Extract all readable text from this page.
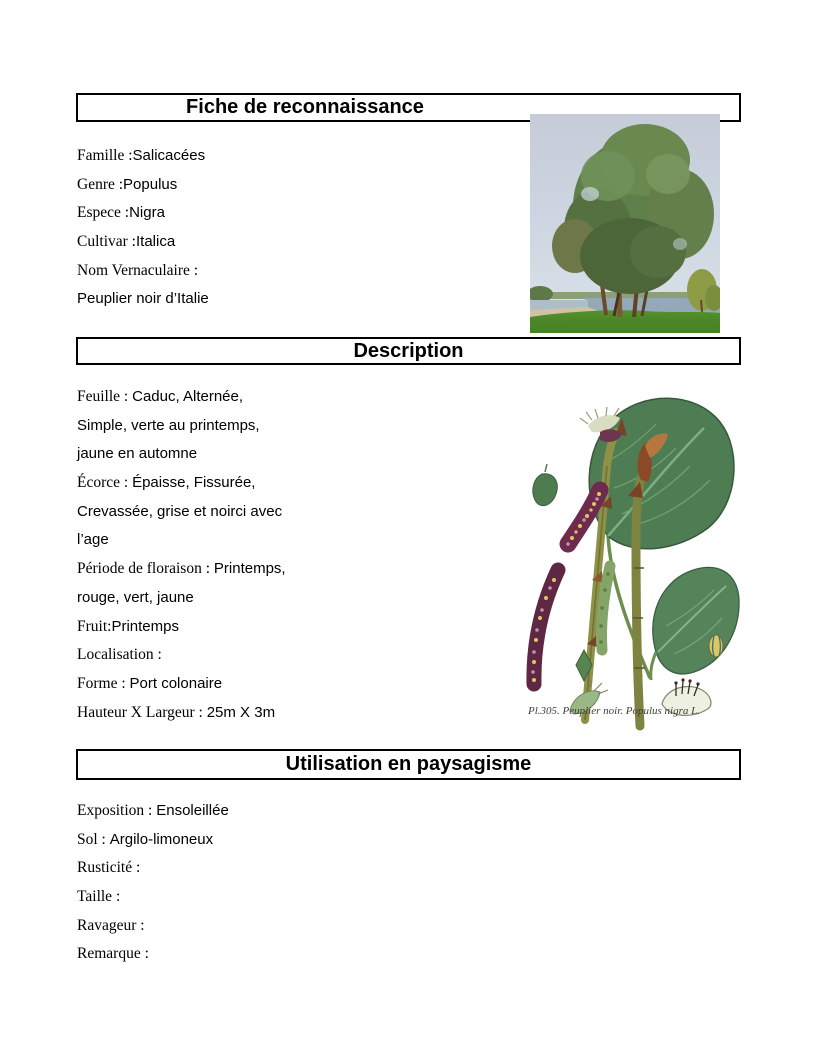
Fiche de reconnaissance
Famille :Salicacées
Genre :Populus
Espece :Nigra
Cultivar :Italica
Nom Vernaculaire :
Peuplier noir d’Italie
Description
Feuille : Caduc, Alternée,
Simple, verte au printemps,
jaune en automne
Écorce : Épaisse, Fissurée,
Crevassée, grise et noirci avec
l’age
Période de floraison : Printemps,
rouge, vert, jaune
Fruit:Printemps
Localisation :
Forme : Port colonaire
Hauteur X Largeur : 25m X 3m	Pl.305. Peuplier noir. Populus nigra L.
Utilisation en paysagisme
Exposition : Ensoleillée
Sol : Argilo-limoneux
Rusticité :
Taille :
Ravageur :
Remarque :
